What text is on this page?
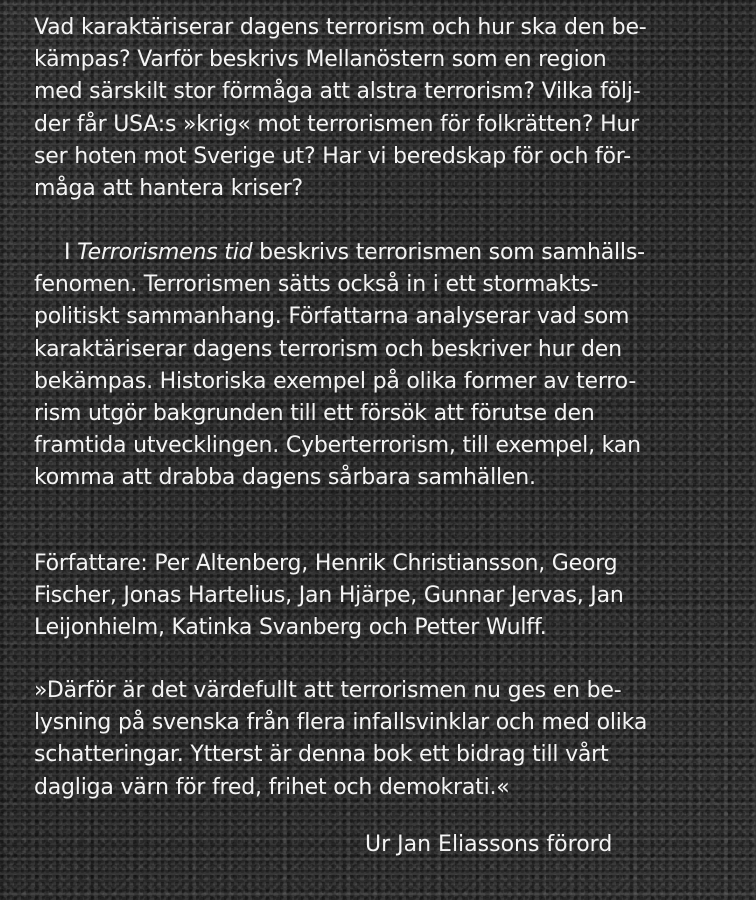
Vad karaktäriserar dagens terrorism och hur ska den be-
kämpas? Varför beskrivs Mellanöstern som en region
med särskilt stor förmåga att alstra terrorism? Vilka följ-
der får USA:s »krig« mot terrorismen för folkrätten? Hur
ser hoten mot Sverige ut? Har vi beredskap för och för-
måga att hantera kriser?

I Terrorismens tid beskrivs terrorismen som samhälls-
fenomen. Terrorismen sätts också in i ett stormakts-
politiskt sammanhang. Författarna analyserar vad som
karaktäriserar dagens terrorism och beskriver hur den
bekämpas. Historiska exempel på olika former av terro-
rism utgör bakgrunden till ett försök att förutse den
framtida utvecklingen. Cyberterrorism, till exempel, kan
komma att drabba dagens sårbara samhällen.

Författare: Per Altenberg, Henrik Christiansson, Georg
Fischer, Jonas Hartelius, Jan Hjärpe, Gunnar Jervas, Jan
Leijonhielm, Katinka Svanberg och Petter Wulff.

»Därför är det värdefullt att terrorismen nu ges en be-
lysning på svenska från flera infallsvinklar och med olika
schatteringar. Ytterst är denna bok ett bidrag till vårt
dagliga värn för fred, frihet och demokrati.«

Ur Jan Eliassons förord
